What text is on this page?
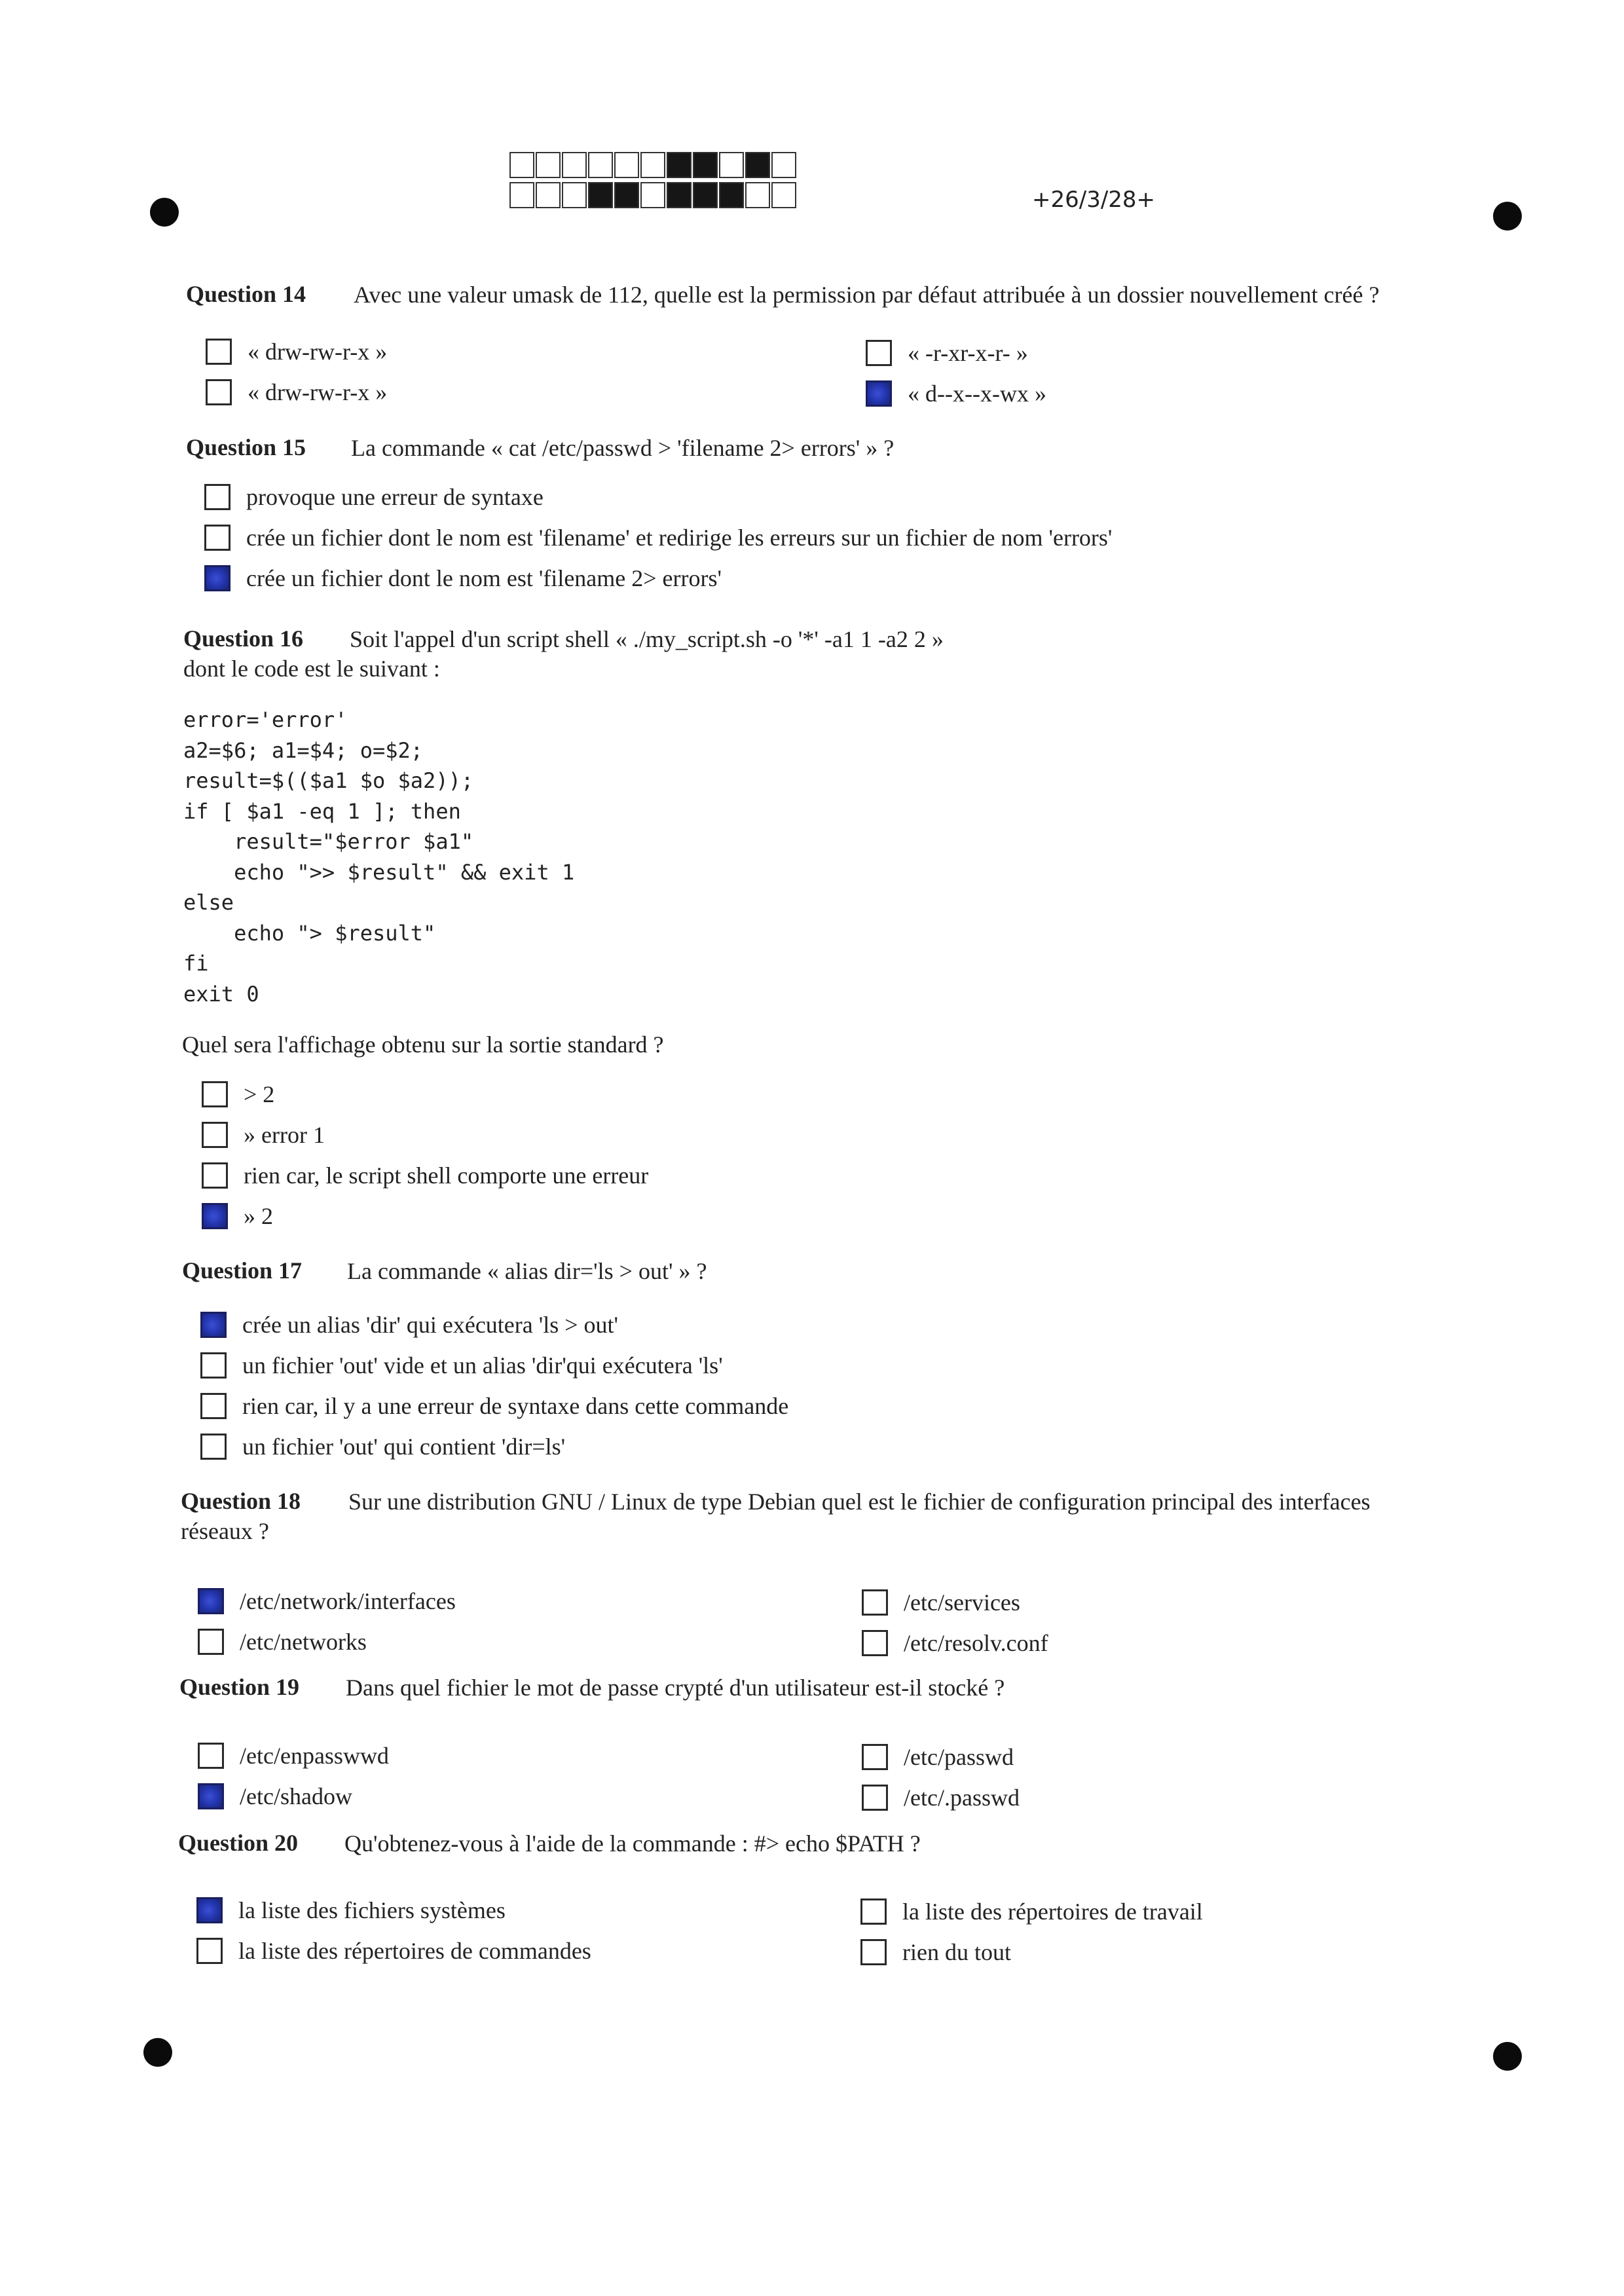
+26/3/28+
Question 14 Avec une valeur umask de 112, quelle est la permission par défaut attribuée à un dossier nouvellement créé ?
« drw-rw-r-x »
« drw-rw-r-x »
« -r-xr-x-r- »
« d--x--x-wx »
Question 15 La commande « cat /etc/passwd > 'filename 2> errors' » ?
provoque une erreur de syntaxe
crée un fichier dont le nom est 'filename' et redirige les erreurs sur un fichier de nom 'errors'
crée un fichier dont le nom est 'filename 2> errors'
Question 16 Soit l'appel d'un script shell « ./my_script.sh -o '*' -a1 1 -a2 2 »
dont le code est le suivant :
error='error'
a2=$6; a1=$4; o=$2;
result=$(($a1 $o $a2));
if [ $a1 -eq 1 ]; then
result="$error $a1"
echo ">> $result" && exit 1
else
echo "> $result"
fi
exit 0
Quel sera l'affichage obtenu sur la sortie standard ?
> 2
» error 1
rien car, le script shell comporte une erreur
» 2
Question 17 La commande « alias dir='ls > out' » ?
crée un alias 'dir' qui exécutera 'ls > out'
un fichier 'out' vide et un alias 'dir'qui exécutera 'ls'
rien car, il y a une erreur de syntaxe dans cette commande
un fichier 'out' qui contient 'dir=ls'
Question 18 Sur une distribution GNU / Linux de type Debian quel est le fichier de configuration principal des interfaces
réseaux ?
/etc/network/interfaces
/etc/networks
/etc/services
/etc/resolv.conf
Question 19 Dans quel fichier le mot de passe crypté d'un utilisateur est-il stocké ?
/etc/enpasswwd
/etc/shadow
/etc/passwd
/etc/.passwd
Question 20 Qu'obtenez-vous à l'aide de la commande : #> echo $PATH ?
la liste des fichiers systèmes
la liste des répertoires de commandes
la liste des répertoires de travail
rien du tout
